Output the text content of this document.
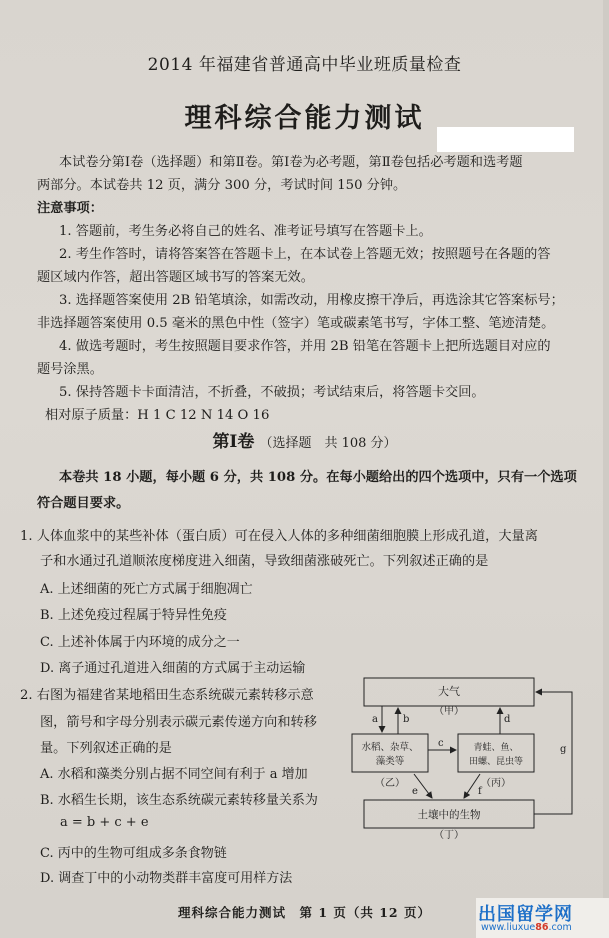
2014 年福建省普通高中毕业班质量检查
理科综合能力测试
本试卷分第Ⅰ卷（选择题）和第Ⅱ卷。第Ⅰ卷为必考题，第Ⅱ卷包括必考题和选考题
两部分。本试卷共 12 页，满分 300 分，考试时间 150 分钟。
注意事项：
1. 答题前，考生务必将自己的姓名、准考证号填写在答题卡上。
2. 考生作答时，请将答案答在答题卡上，在本试卷上答题无效；按照题号在各题的答
题区域内作答，超出答题区域书写的答案无效。
3. 选择题答案使用 2B 铅笔填涂，如需改动，用橡皮擦干净后，再选涂其它答案标号；
非选择题答案使用 0.5 毫米的黑色中性（签字）笔或碳素笔书写，字体工整、笔迹清楚。
4. 做选考题时，考生按照题目要求作答，并用 2B 铅笔在答题卡上把所选题目对应的
题号涂黑。
5. 保持答题卡卡面清洁，不折叠，不破损；考试结束后，将答题卡交回。
相对原子质量：H 1 C 12 N 14 O 16
第Ⅰ卷 （选择题　共 108 分）
本卷共 18 小题，每小题 6 分，共 108 分。在每小题给出的四个选项中，只有一个选项
符合题目要求。
1. 人体血浆中的某些补体（蛋白质）可在侵入人体的多种细菌细胞膜上形成孔道，大量离
子和水通过孔道顺浓度梯度进入细菌，导致细菌涨破死亡。下列叙述正确的是
A. 上述细菌的死亡方式属于细胞凋亡
B. 上述免疫过程属于特异性免疫
C. 上述补体属于内环境的成分之一
D. 离子通过孔道进入细菌的方式属于主动运输
2. 右图为福建省某地稻田生态系统碳元素转移示意
图，箭号和字母分别表示碳元素传递方向和转移
量。下列叙述正确的是
A. 水稻和藻类分别占据不同空间有利于 a 增加
B. 水稻生长期，该生态系统碳元素转移量关系为
a = b + c + e
C. 丙中的生物可组成多条食物链
D. 调查丁中的小动物类群丰富度可用样方法
大气
（甲）
水稻、杂草、
藻类等
（乙）
青蛙、鱼、
田螺、昆虫等
（丙）
土壤中的生物
（丁）
a	b
c
d
e	f
g
理科综合能力测试　第 1 页（共 12 页）	出国留学网
www.liuxue86.com
